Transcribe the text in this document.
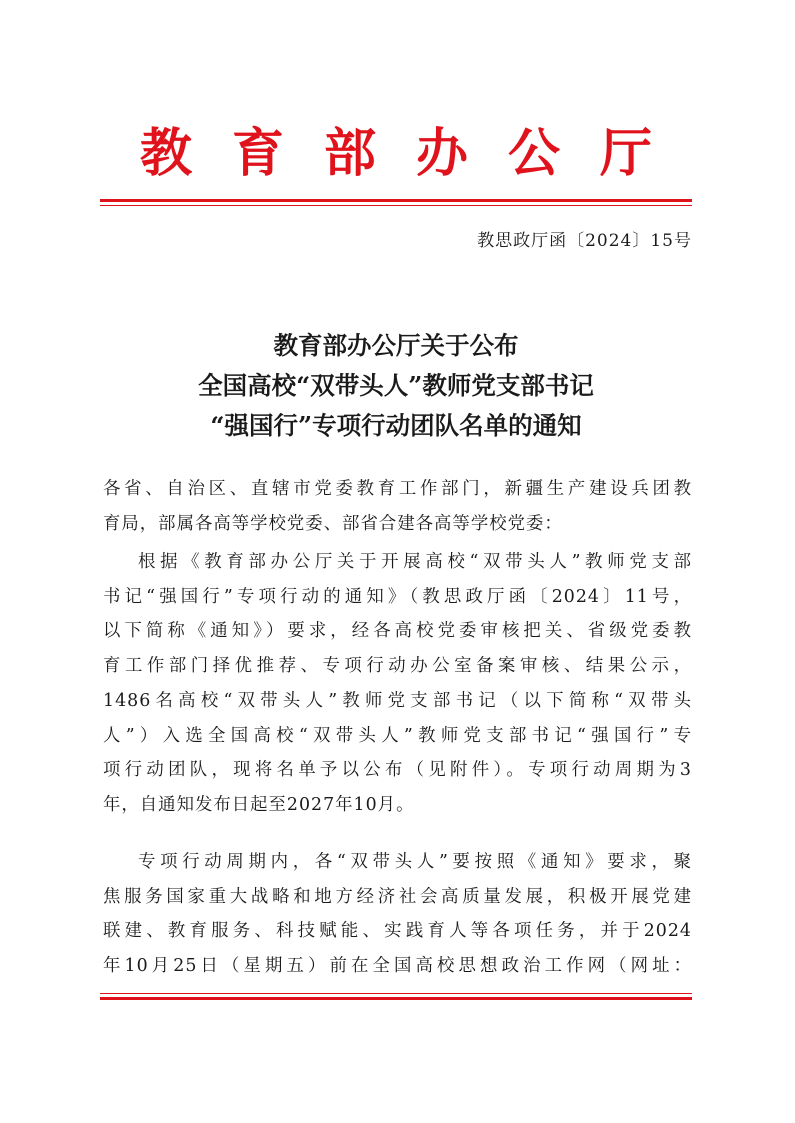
教育部办公厅
教思政厅函〔2024〕15号
教育部办公厅关于公布
全国高校“双带头人”教师党支部书记
“强国行”专项行动团队名单的通知
各省、自治区、直辖市党委教育工作部门，新疆生产建设兵团教
育局，部属各高等学校党委、部省合建各高等学校党委：
根据《教育部办公厅关于开展高校“双带头人”教师党支部
书记“强国行”专项行动的通知》（教思政厅函〔2024〕11号，
以下简称《通知》）要求，经各高校党委审核把关、省级党委教
育工作部门择优推荐、专项行动办公室备案审核、结果公示，
1486名高校“双带头人”教师党支部书记（以下简称“双带头
人”）入选全国高校“双带头人”教师党支部书记“强国行”专
项行动团队，现将名单予以公布（见附件）。专项行动周期为3
年，自通知发布日起至2027年10月。
专项行动周期内，各“双带头人”要按照《通知》要求，聚
焦服务国家重大战略和地方经济社会高质量发展，积极开展党建
联建、教育服务、科技赋能、实践育人等各项任务，并于2024
年10月25日（星期五）前在全国高校思想政治工作网（网址：
